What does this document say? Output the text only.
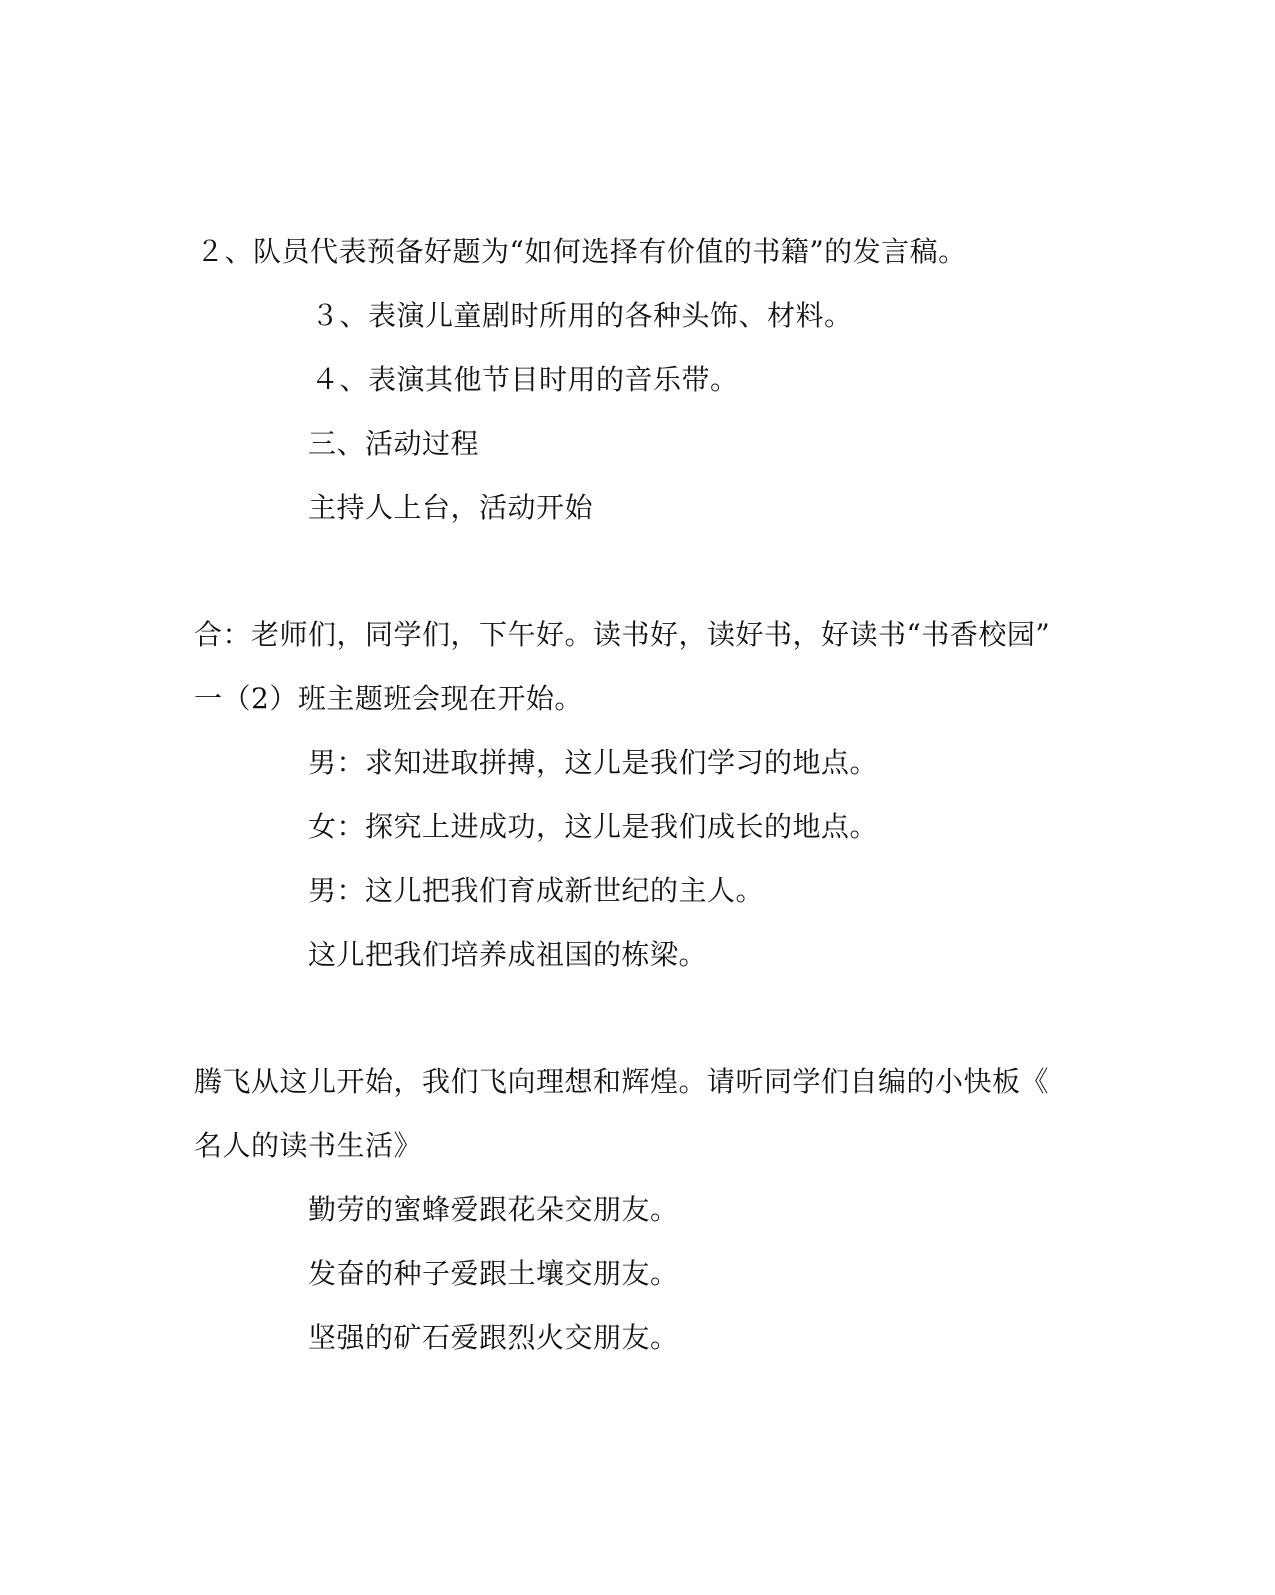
２、队员代表预备好题为“如何选择有价值的书籍”的发言稿。
３、表演儿童剧时所用的各种头饰、材料。
４、表演其他节目时用的音乐带。
三、活动过程
主持人上台，活动开始
合：老师们，同学们，下午好。读书好，读好书，好读书“书香校园”
一（2）班主题班会现在开始。
男：求知进取拼搏，这儿是我们学习的地点。
女：探究上进成功，这儿是我们成长的地点。
男：这儿把我们育成新世纪的主人。
这儿把我们培养成祖国的栋梁。
腾飞从这儿开始，我们飞向理想和辉煌。请听同学们自编的小快板《
名人的读书生活》
勤劳的蜜蜂爱跟花朵交朋友。
发奋的种子爱跟土壤交朋友。
坚强的矿石爱跟烈火交朋友。
